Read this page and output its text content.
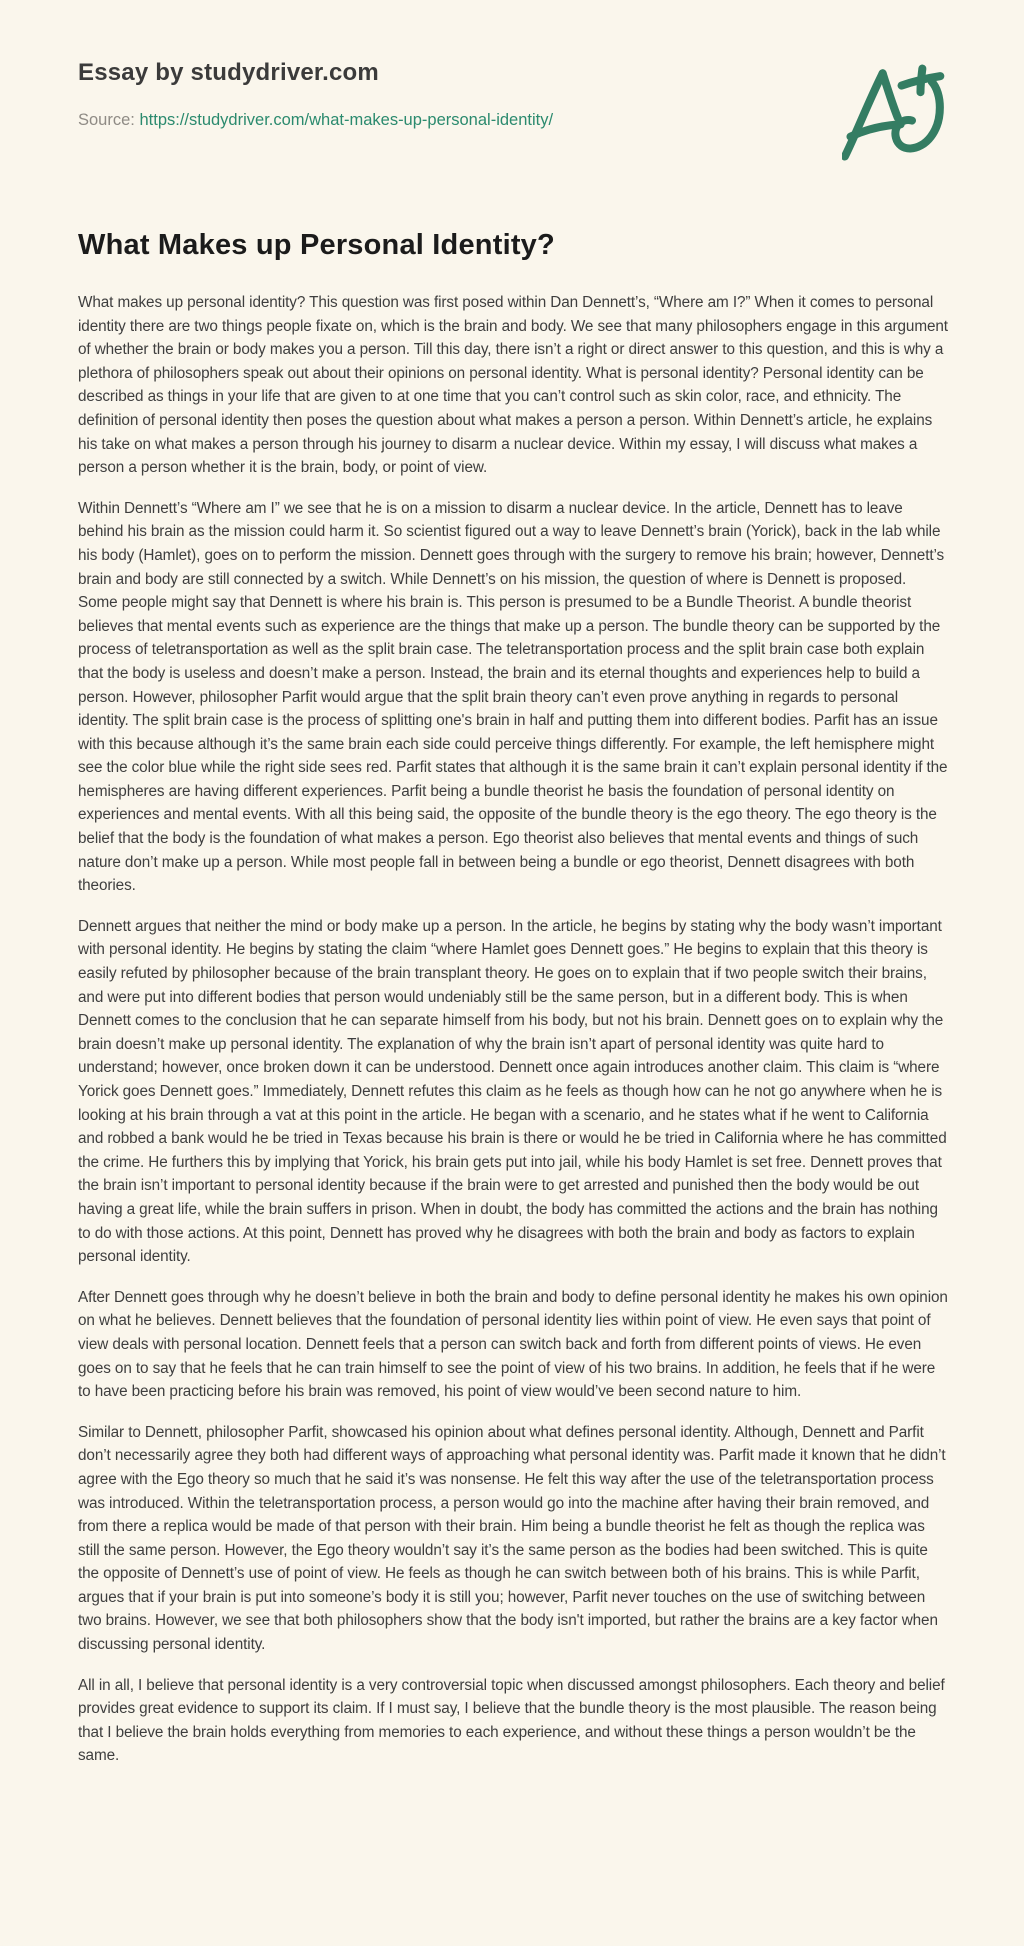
Essay by studydriver.com
Source: https://studydriver.com/what-makes-up-personal-identity/
What Makes up Personal Identity?

What makes up personal identity? This question was first posed within Dan Dennett’s, “Where am I?” When it comes to personal identity there are two things people fixate on, which is the brain and body. We see that many philosophers engage in this argument of whether the brain or body makes you a person. Till this day, there isn’t a right or direct answer to this question, and this is why a plethora of philosophers speak out about their opinions on personal identity. What is personal identity? Personal identity can be described as things in your life that are given to at one time that you can’t control such as skin color, race, and ethnicity. The definition of personal identity then poses the question about what makes a person a person. Within Dennett’s article, he explains his take on what makes a person through his journey to disarm a nuclear device. Within my essay, I will discuss what makes a person a person whether it is the brain, body, or point of view.

Within Dennett’s “Where am I” we see that he is on a mission to disarm a nuclear device. In the article, Dennett has to leave behind his brain as the mission could harm it. So scientist figured out a way to leave Dennett’s brain (Yorick), back in the lab while his body (Hamlet), goes on to perform the mission. Dennett goes through with the surgery to remove his brain; however, Dennett’s brain and body are still connected by a switch. While Dennett’s on his mission, the question of where is Dennett is proposed. Some people might say that Dennett is where his brain is. This person is presumed to be a Bundle Theorist. A bundle theorist believes that mental events such as experience are the things that make up a person. The bundle theory can be supported by the process of teletransportation as well as the split brain case. The teletransportation process and the split brain case both explain that the body is useless and doesn’t make a person. Instead, the brain and its eternal thoughts and experiences help to build a person. However, philosopher Parfit would argue that the split brain theory can’t even prove anything in regards to personal identity. The split brain case is the process of splitting one's brain in half and putting them into different bodies. Parfit has an issue with this because although it’s the same brain each side could perceive things differently. For example, the left hemisphere might see the color blue while the right side sees red. Parfit states that although it is the same brain it can’t explain personal identity if the hemispheres are having different experiences. Parfit being a bundle theorist he basis the foundation of personal identity on experiences and mental events. With all this being said, the opposite of the bundle theory is the ego theory. The ego theory is the belief that the body is the foundation of what makes a person. Ego theorist also believes that mental events and things of such nature don’t make up a person. While most people fall in between being a bundle or ego theorist, Dennett disagrees with both theories.

Dennett argues that neither the mind or body make up a person. In the article, he begins by stating why the body wasn’t important with personal identity. He begins by stating the claim “where Hamlet goes Dennett goes.” He begins to explain that this theory is easily refuted by philosopher because of the brain transplant theory. He goes on to explain that if two people switch their brains, and were put into different bodies that person would undeniably still be the same person, but in a different body. This is when Dennett comes to the conclusion that he can separate himself from his body, but not his brain. Dennett goes on to explain why the brain doesn’t make up personal identity. The explanation of why the brain isn’t apart of personal identity was quite hard to understand; however, once broken down it can be understood. Dennett once again introduces another claim. This claim is “where Yorick goes Dennett goes.” Immediately, Dennett refutes this claim as he feels as though how can he not go anywhere when he is looking at his brain through a vat at this point in the article. He began with a scenario, and he states what if he went to California and robbed a bank would he be tried in Texas because his brain is there or would he be tried in California where he has committed the crime. He furthers this by implying that Yorick, his brain gets put into jail, while his body Hamlet is set free. Dennett proves that the brain isn’t important to personal identity because if the brain were to get arrested and punished then the body would be out having a great life, while the brain suffers in prison. When in doubt, the body has committed the actions and the brain has nothing to do with those actions. At this point, Dennett has proved why he disagrees with both the brain and body as factors to explain personal identity.

After Dennett goes through why he doesn’t believe in both the brain and body to define personal identity he makes his own opinion on what he believes. Dennett believes that the foundation of personal identity lies within point of view. He even says that point of view deals with personal location. Dennett feels that a person can switch back and forth from different points of views. He even goes on to say that he feels that he can train himself to see the point of view of his two brains. In addition, he feels that if he were to have been practicing before his brain was removed, his point of view would’ve been second nature to him.

Similar to Dennett, philosopher Parfit, showcased his opinion about what defines personal identity. Although, Dennett and Parfit don’t necessarily agree they both had different ways of approaching what personal identity was. Parfit made it known that he didn’t agree with the Ego theory so much that he said it’s was nonsense. He felt this way after the use of the teletransportation process was introduced. Within the teletransportation process, a person would go into the machine after having their brain removed, and from there a replica would be made of that person with their brain. Him being a bundle theorist he felt as though the replica was still the same person. However, the Ego theory wouldn’t say it’s the same person as the bodies had been switched. This is quite the opposite of Dennett’s use of point of view. He feels as though he can switch between both of his brains. This is while Parfit, argues that if your brain is put into someone’s body it is still you; however, Parfit never touches on the use of switching between two brains. However, we see that both philosophers show that the body isn't imported, but rather the brains are a key factor when discussing personal identity.

All in all, I believe that personal identity is a very controversial topic when discussed amongst philosophers. Each theory and belief provides great evidence to support its claim. If I must say, I believe that the bundle theory is the most plausible. The reason being that I believe the brain holds everything from memories to each experience, and without these things a person wouldn’t be the same.
